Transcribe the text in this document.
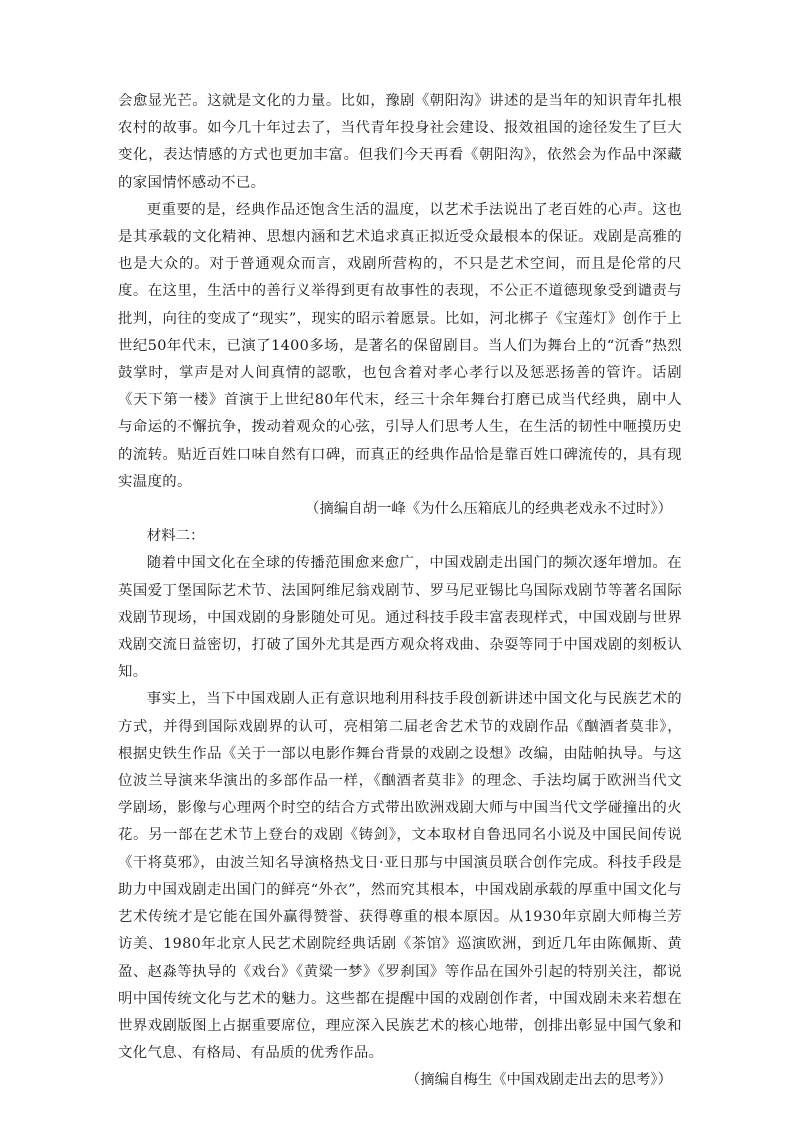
会愈显光芒。这就是文化的力量。比如，豫剧《朝阳沟》讲述的是当年的知识青年扎根农村的故事。如今几十年过去了，当代青年投身社会建设、报效祖国的途径发生了巨大变化，表达情感的方式也更加丰富。但我们今天再看《朝阳沟》，依然会为作品中深藏的家国情怀感动不已。

更重要的是，经典作品还饱含生活的温度，以艺术手法说出了老百姓的心声。这也是其承载的文化精神、思想内涵和艺术追求真正拟近受众最根本的保证。戏剧是高雅的也是大众的。对于普通观众而言，戏剧所营构的，不只是艺术空间，而且是伦常的尺度。在这里，生活中的善行义举得到更有故事性的表现，不公正不道德现象受到谴责与批判，向往的变成了“现实”，现实的昭示着愿景。比如，河北梆子《宝莲灯》创作于上世纪50年代末，已演了1400多场，是著名的保留剧目。当人们为舞台上的“沉香”热烈鼓掌时，掌声是对人间真情的認歌，也包含着对孝心孝行以及惩恶扬善的管许。话剧《天下第一楼》首演于上世纪80年代末，经三十余年舞台打磨已成当代经典，剧中人与命运的不懈抗争，拨动着观众的心弦，引导人们思考人生，在生活的韧性中咂摸历史的流转。贴近百姓口味自然有口碑，而真正的经典作品恰是靠百姓口碑流传的，具有现实温度的。

（摘编自胡一峰《为什么压箱底儿的经典老戏永不过时》）

材料二：

随着中国文化在全球的传播范围愈来愈广，中国戏剧走出国门的频次逐年增加。在英国爱丁堡国际艺术节、法国阿维尼翁戏剧节、罗马尼亚锡比乌国际戏剧节等著名国际戏剧节现场，中国戏剧的身影随处可见。通过科技手段丰富表现样式，中国戏剧与世界戏剧交流日益密切，打破了国外尤其是西方观众将戏曲、杂耍等同于中国戏剧的刻板认知。

事实上，当下中国戏剧人正有意识地利用科技手段创新讲述中国文化与民族艺术的方式，并得到国际戏剧界的认可，亮相第二届老舍艺术节的戏剧作品《酗酒者莫非》，根据史铁生作品《关于一部以电影作舞台背景的戏剧之设想》改编，由陆帕执导。与这位波兰导演来华演出的多部作品一样，《酗酒者莫非》的理念、手法均属于欧洲当代文学剧场，影像与心理两个时空的结合方式带出欧洲戏剧大师与中国当代文学碰撞出的火花。另一部在艺术节上登台的戏剧《铸剑》，文本取材自鲁迅同名小说及中国民间传说《干将莫邪》，由波兰知名导演格热戈日·亚日那与中国演员联合创作完成。科技手段是助力中国戏剧走出国门的鲜亮“外衣”，然而究其根本，中国戏剧承载的厚重中国文化与艺术传统才是它能在国外赢得赞誉、获得尊重的根本原因。从1930年京剧大师梅兰芳访美、1980年北京人民艺术剧院经典话剧《茶馆》巡演欧洲，到近几年由陈佩斯、黄盈、赵淼等执导的《戏台》《黄粱一梦》《罗刹国》等作品在国外引起的特别关注，都说明中国传统文化与艺术的魅力。这些都在提醒中国的戏剧创作者，中国戏剧未来若想在世界戏剧版图上占据重要席位，理应深入民族艺术的核心地带，创排出彰显中国气象和文化气息、有格局、有品质的优秀作品。

（摘编自梅生《中国戏剧走出去的思考》）
